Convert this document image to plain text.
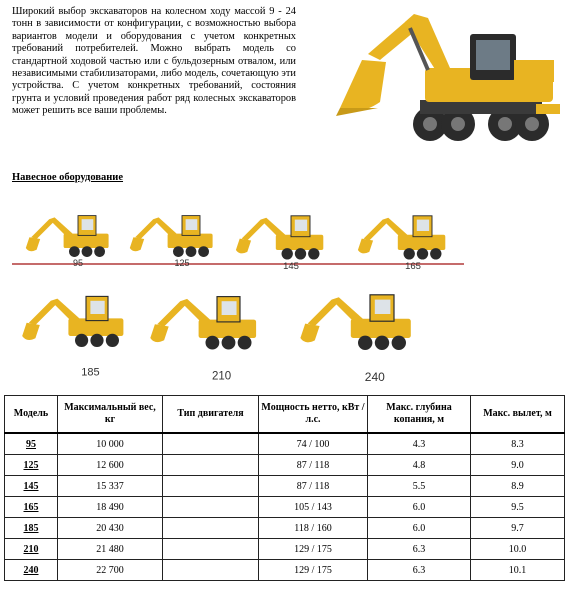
Широкий выбор экскаваторов на колесном ходу массой 9 - 24 тонн в зависимости от конфигурации, с возможностью выбора вариантов модели и оборудования с учетом конкретных требований потребителей. Можно выбрать модель со стандартной ходовой частью или с бульдозерным отвалом, или независимыми стабилизаторами, либо модель, сочетающую эти устройства. С учетом конкретных требований, состояния грунта и условий проведения работ ряд колесных экскаваторов может решить все ваши проблемы.

Навесное оборудование

95	125	145	165
185	210	240
Модель	Максимальный вес, кг	Тип двигателя	Мощность нетто, кВт / л.с.	Макс. глубина копания, м	Макс. вылет, м
95	10 000		74 / 100	4.3	8.3
125	12 600		87 / 118	4.8	9.0
145	15 337		87 / 118	5.5	8.9
165	18 490		105 / 143	6.0	9.5
185	20 430		118 / 160	6.0	9.7
210	21 480		129 / 175	6.3	10.0
240	22 700		129 / 175	6.3	10.1
